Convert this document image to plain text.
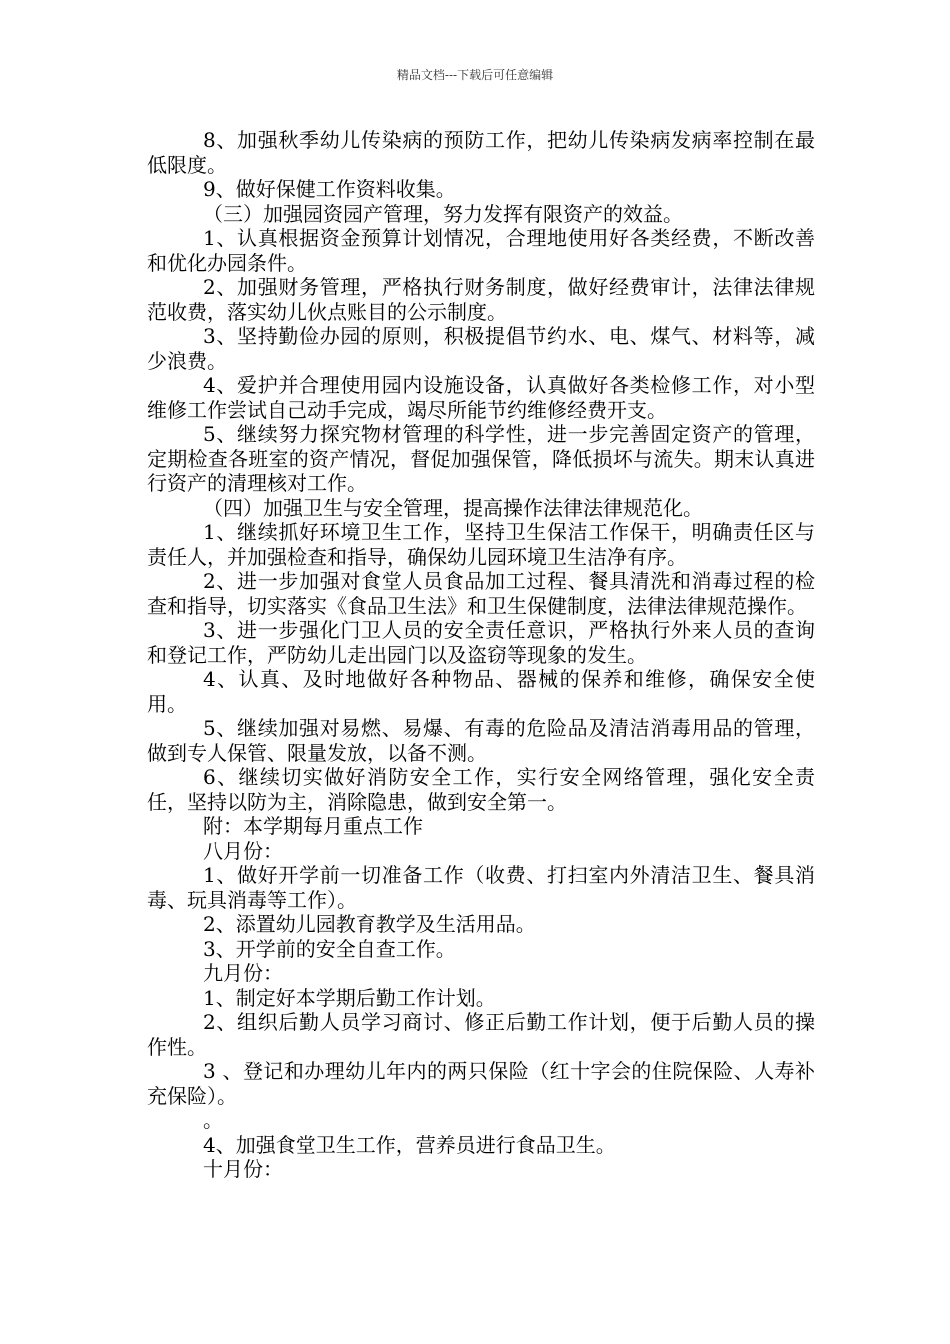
精品文档---下载后可任意编辑

8、加强秋季幼儿传染病的预防工作，把幼儿传染病发病率控制在最低限度。

9、做好保健工作资料收集。

（三）加强园资园产管理，努力发挥有限资产的效益。

1、认真根据资金预算计划情况，合理地使用好各类经费，不断改善和优化办园条件。

2、加强财务管理，严格执行财务制度，做好经费审计，法律法律规范收费，落实幼儿伙点账目的公示制度。

3、坚持勤俭办园的原则，积极提倡节约水、电、煤气、材料等，减少浪费。

4、爱护并合理使用园内设施设备，认真做好各类检修工作，对小型维修工作尝试自己动手完成，竭尽所能节约维修经费开支。

5、继续努力探究物材管理的科学性，进一步完善固定资产的管理，定期检查各班室的资产情况，督促加强保管，降低损坏与流失。期末认真进行资产的清理核对工作。

（四）加强卫生与安全管理，提高操作法律法律规范化。

1、继续抓好环境卫生工作，坚持卫生保洁工作保干，明确责任区与责任人，并加强检查和指导，确保幼儿园环境卫生洁净有序。

2、进一步加强对食堂人员食品加工过程、餐具清洗和消毒过程的检查和指导，切实落实《食品卫生法》和卫生保健制度，法律法律规范操作。

3、进一步强化门卫人员的安全责任意识，严格执行外来人员的查询和登记工作，严防幼儿走出园门以及盗窃等现象的发生。

4、认真、及时地做好各种物品、器械的保养和维修，确保安全使用。

5、继续加强对易燃、易爆、有毒的危险品及清洁消毒用品的管理，做到专人保管、限量发放，以备不测。

6、继续切实做好消防安全工作，实行安全网络管理，强化安全责任，坚持以防为主，消除隐患，做到安全第一。

附：本学期每月重点工作

八月份：

1、做好开学前一切准备工作（收费、打扫室内外清洁卫生、餐具消毒、玩具消毒等工作）。

2、添置幼儿园教育教学及生活用品。

3、开学前的安全自查工作。

九月份：

1、制定好本学期后勤工作计划。

2、组织后勤人员学习商讨、修正后勤工作计划，便于后勤人员的操作性。

3 、登记和办理幼儿年内的两只保险（红十字会的住院保险、人寿补充保险）。

。

4、加强食堂卫生工作，营养员进行食品卫生。

十月份：
